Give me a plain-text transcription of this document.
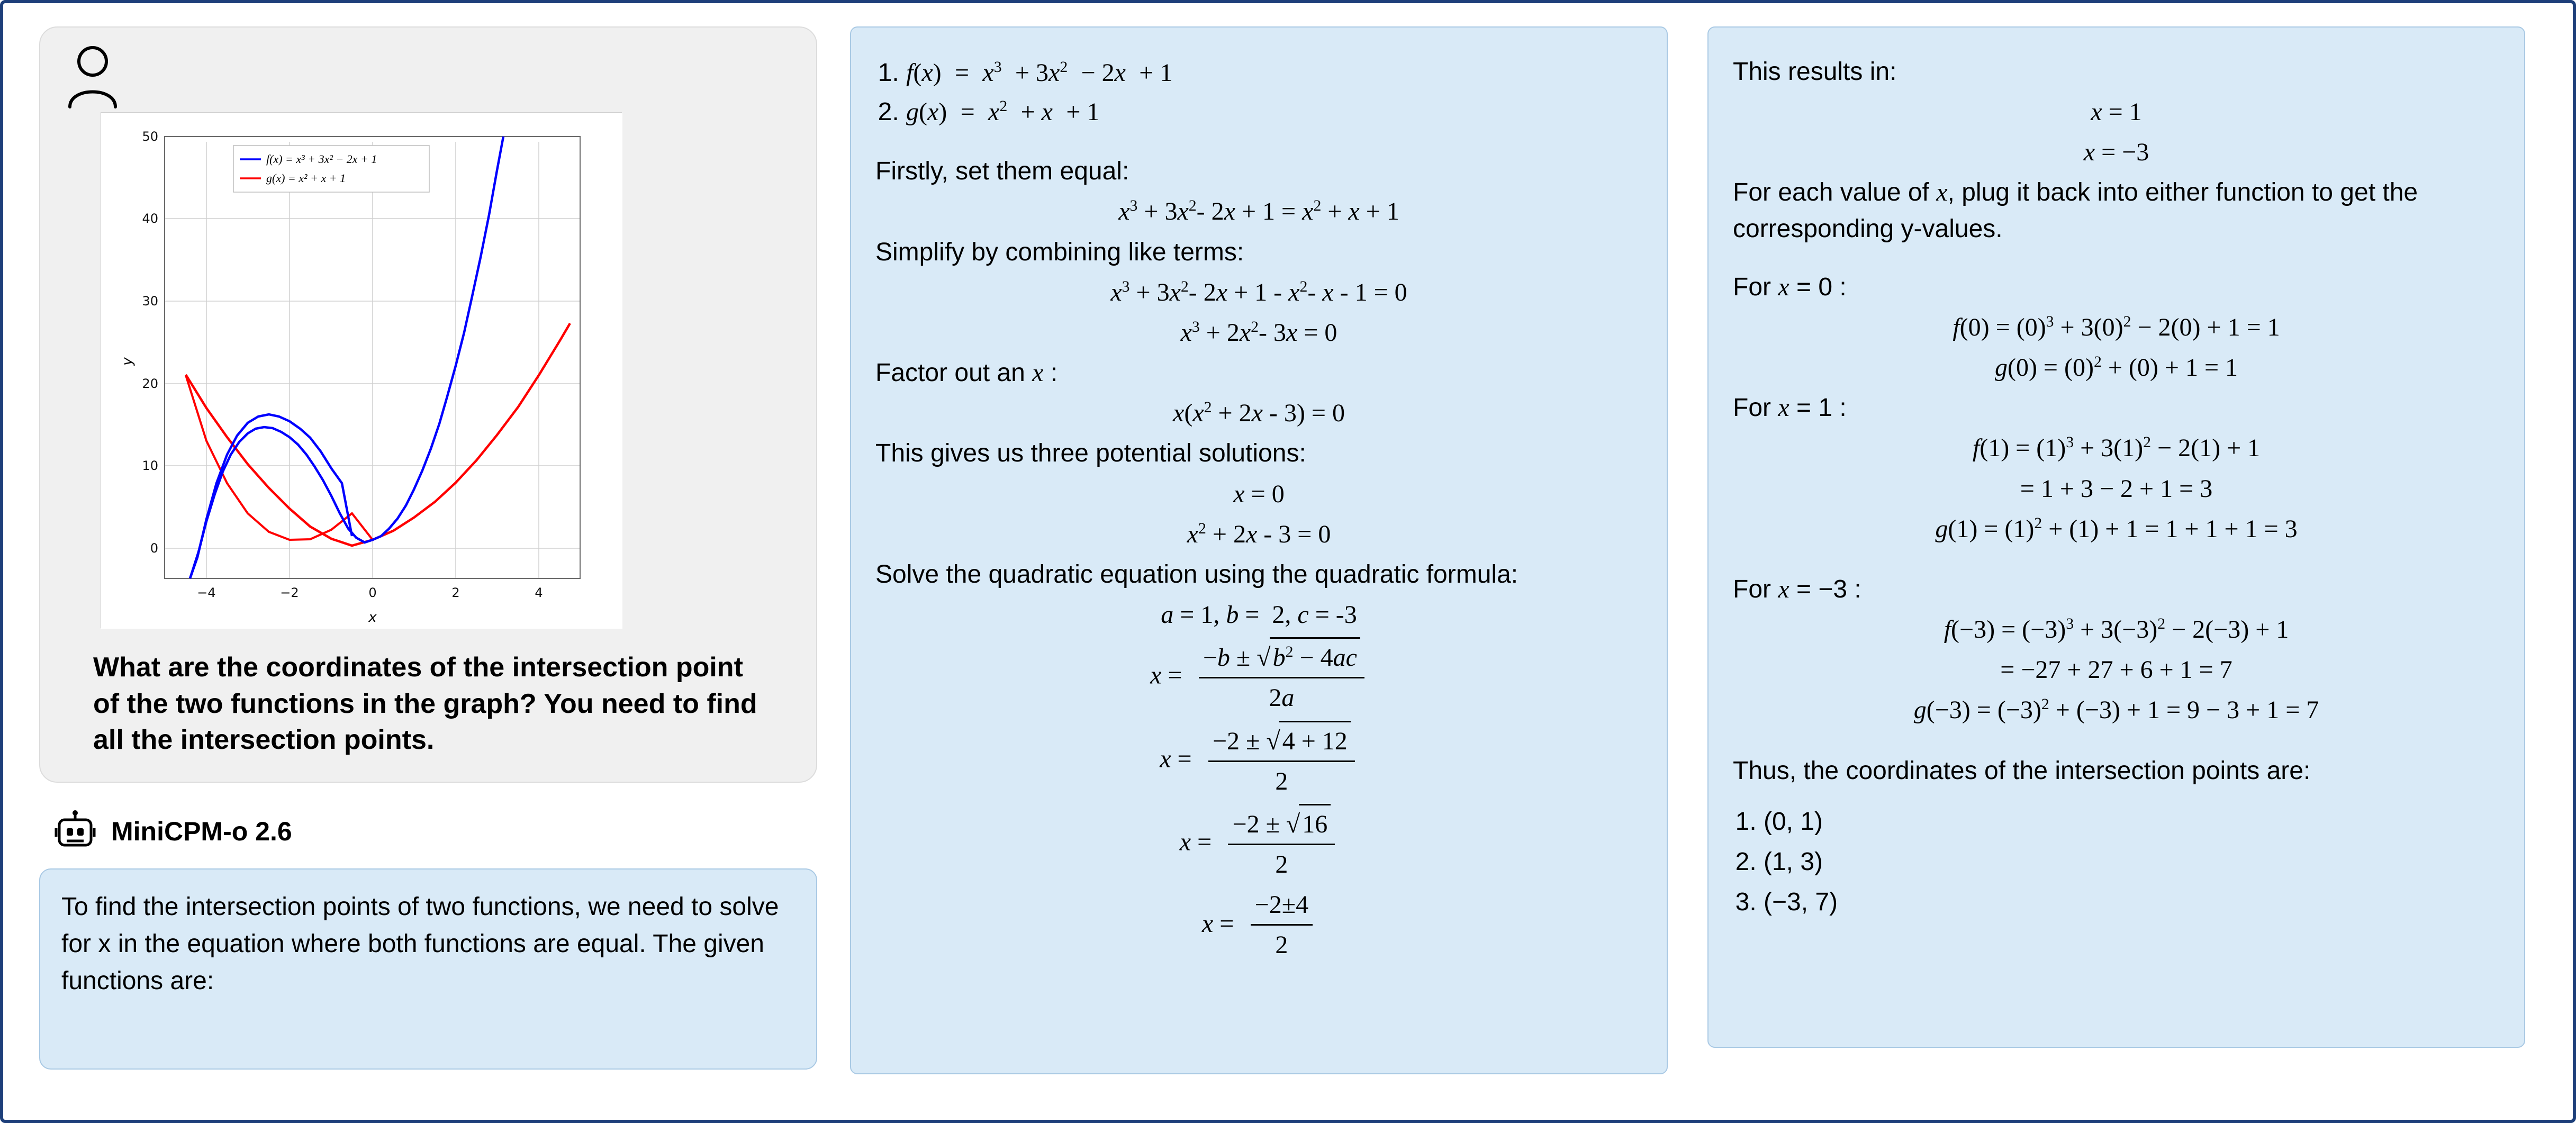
f(x) = x³ + 3x² − 2x + 1
g(x) = x² + x + 1
50
40
30
20
10
0
−4	−2	0	2	4
x
y
What are the coordinates of the intersection point of the two functions in the graph? You need to find all the intersection points.
MiniCPM-o 2.6
To find the intersection points of two functions, we need to solve for x in the equation where both functions are equal. The given functions are:
1. $f(x) = x^3 + 3x^2 - 2x + 1$
2. $g(x) = x^2 + x + 1$
Firstly, set them equal:
$x^3 + 3x^2-$ $2x + 1 = x^2 + x + 1$
Simplify by combining like terms:
$x^3 + 3x^2-$ $2x + 1 - x^2-$ x - 1 = 0
$x^3 + 2x^2-$ 3x = 0
Factor out an x :
$x(x^2 + 2x - 3) = 0$
This gives us three potential solutions:
x = 0
$x^2 + 2x - 3 = 0$
Solve the quadratic equation using the quadratic formula:
a = 1, b =  2, c = -3
$x = \frac{-b \pm √b^2 - 4ac}{2a}$
$x = \frac{-2 \pm √4 + 12}{2}$
$x = \frac{-2 \pm √16}{2}$
$x = \frac{-2\pm 4}{2}$
This results in:
x = 1
x = −3
For each value of x, plug it back into either function to get the corresponding y-values.
For x = 0 :
$f(0) = (0)^3 + 3(0)^2 - 2(0) + 1 = 1$
$g(0) = (0)^2 + (0) + 1 = 1$
For x = 1 :
$f(1) = (1)^3 + 3(1)^2 - 2(1) + 1$
= 1 + 3 − 2 + 1 = 3
$g(1) = (1)^2 + (1) + 1 = 1 + 1 + 1 = 3$
For x = −3 :
$f(-3) = (-3)^3 + 3(-3)^2 - 2(-3) + 1$
= −27 + 27 + 6 + 1 = 7
$g(-3) = (-3)^2 + (-3) + 1 = 9 - 3 + 1 = 7$
Thus, the coordinates of the intersection points are:
1. (0, 1)
2. (1, 3)
3. (−3, 7)
